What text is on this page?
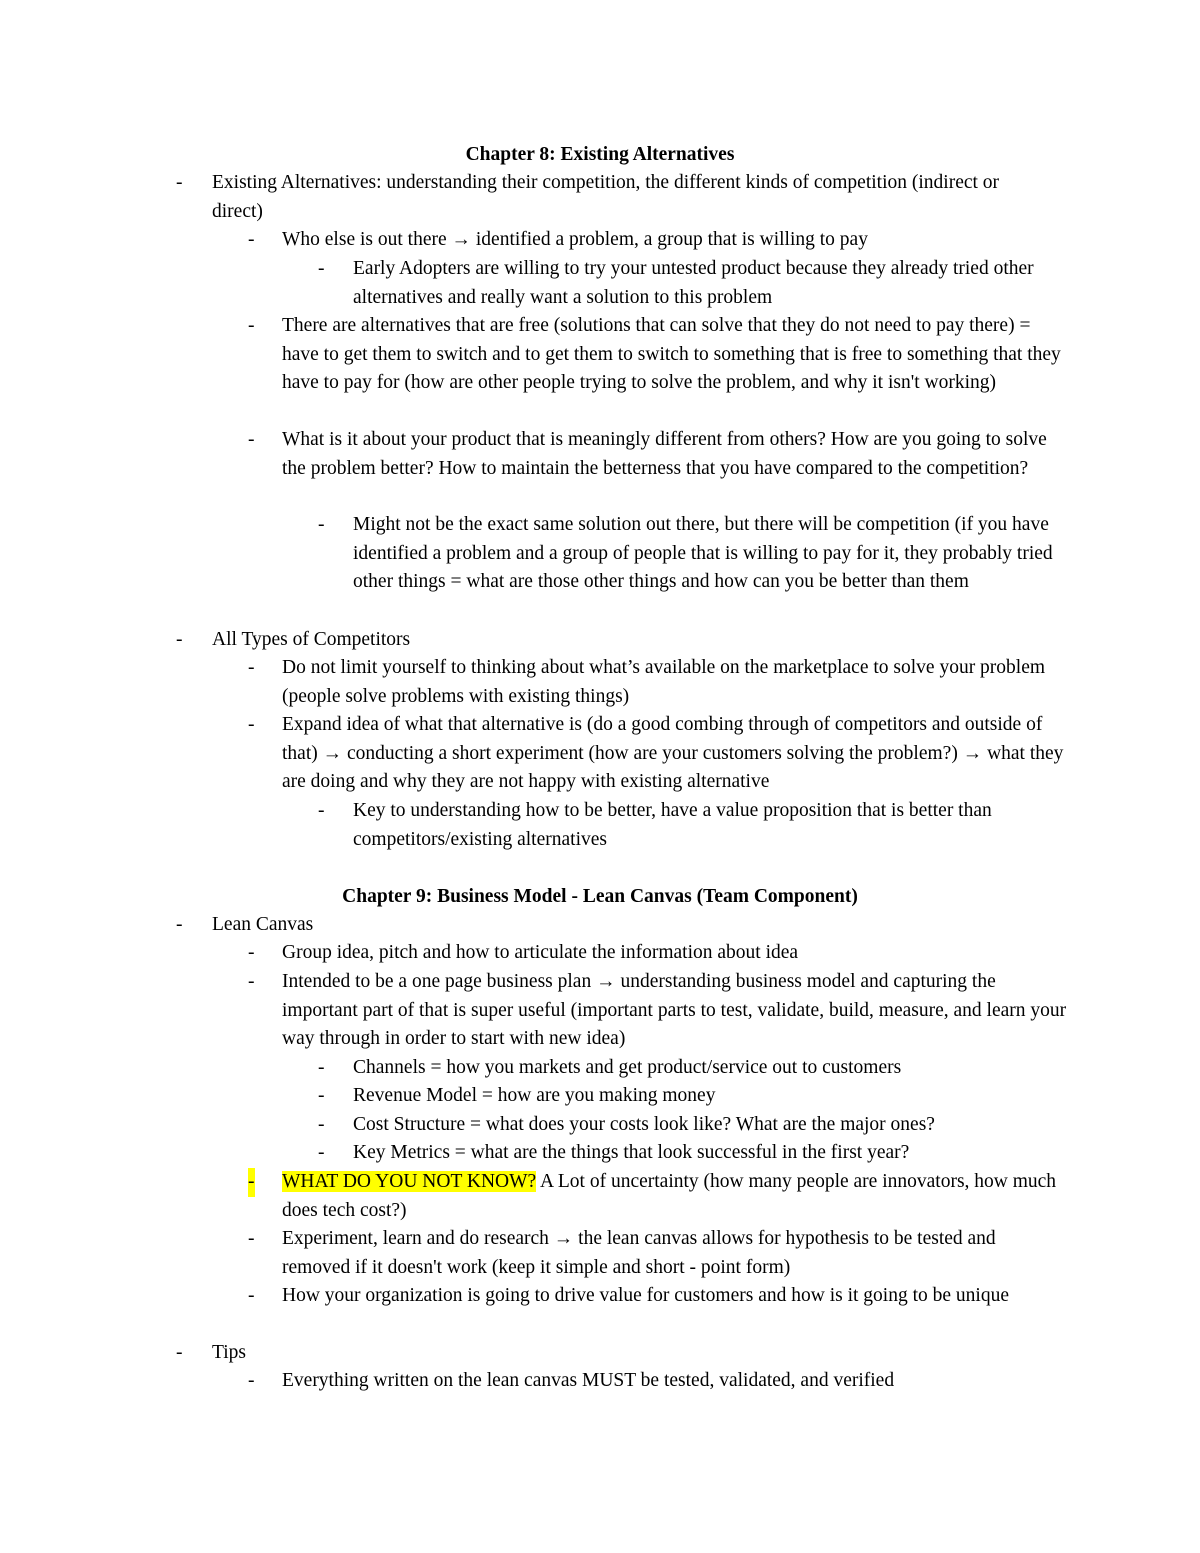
Chapter 8: Existing Alternatives
- Existing Alternatives: understanding their competition, the different kinds of competition (indirect or direct)
- Who else is out there → identified a problem, a group that is willing to pay
- Early Adopters are willing to try your untested product because they already tried other alternatives and really want a solution to this problem
- There are alternatives that are free (solutions that can solve that they do not need to pay there) = have to get them to switch and to get them to switch to something that is free to something that they have to pay for (how are other people trying to solve the problem, and why it isn't working)
- What is it about your product that is meaningly different from others? How are you going to solve the problem better? How to maintain the betterness that you have compared to the competition?
- Might not be the exact same solution out there, but there will be competition (if you have identified a problem and a group of people that is willing to pay for it, they probably tried other things = what are those other things and how can you be better than them
- All Types of Competitors
- Do not limit yourself to thinking about what’s available on the marketplace to solve your problem (people solve problems with existing things)
- Expand idea of what that alternative is (do a good combing through of competitors and outside of that) → conducting a short experiment (how are your customers solving the problem?) → what they are doing and why they are not happy with existing alternative
- Key to understanding how to be better, have a value proposition that is better than competitors/existing alternatives
Chapter 9: Business Model - Lean Canvas (Team Component)
- Lean Canvas
- Group idea, pitch and how to articulate the information about idea
- Intended to be a one page business plan → understanding business model and capturing the important part of that is super useful (important parts to test, validate, build, measure, and learn your way through in order to start with new idea)
- Channels = how you markets and get product/service out to customers
- Revenue Model = how are you making money
- Cost Structure = what does your costs look like? What are the major ones?
- Key Metrics = what are the things that look successful in the first year?
- WHAT DO YOU NOT KNOW? A Lot of uncertainty (how many people are innovators, how much does tech cost?)
- Experiment, learn and do research → the lean canvas allows for hypothesis to be tested and removed if it doesn't work (keep it simple and short - point form)
- How your organization is going to drive value for customers and how is it going to be unique
- Tips
- Everything written on the lean canvas MUST be tested, validated, and verified
